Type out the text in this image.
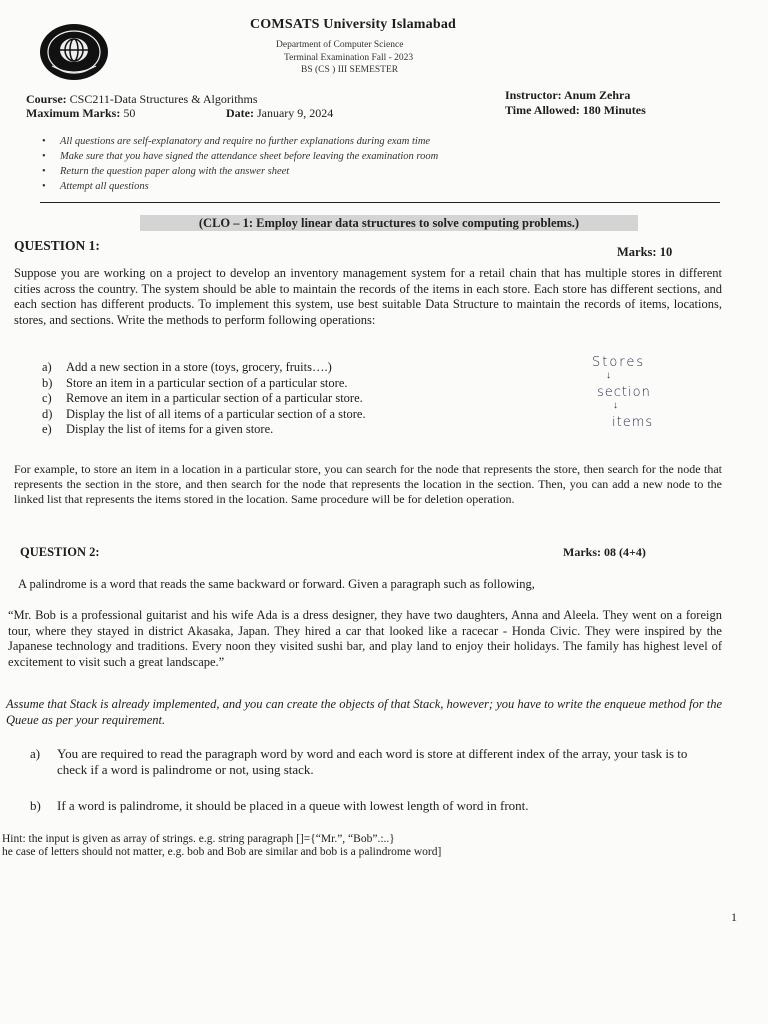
COMSATS University Islamabad
Department of Computer Science
Terminal Examination Fall - 2023
BS (CS ) III SEMESTER
Course: CSC211-Data Structures & Algorithms
Maximum Marks: 50	Date: January 9, 2024
Instructor: Anum Zehra
Time Allowed: 180 Minutes
• All questions are self-explanatory and require no further explanations during exam time
• Make sure that you have signed the attendance sheet before leaving the examination room
• Return the question paper along with the answer sheet
• Attempt all questions
(CLO – 1: Employ linear data structures to solve computing problems.)
QUESTION 1:	Marks: 10

Suppose you are working on a project to develop an inventory management system for a retail chain that has multiple stores in different cities across the country. The system should be able to maintain the records of the items in each store. Each store has different sections, and each section has different products. To implement this system, use best suitable Data Structure to maintain the records of items, locations, stores, and sections. Write the methods to perform following operations:

a)	Add a new section in a store (toys, grocery, fruits….)
b)	Store an item in a particular section of a particular store.
c)	Remove an item in a particular section of a particular store.
d)	Display the list of all items of a particular section of a store.
e)	Display the list of items for a given store.
Stores
↓
section
↓
items

For example, to store an item in a location in a particular store, you can search for the node that represents the store, then search for the node that represents the section in the store, and then search for the node that represents the location in the section. Then, you can add a new node to the linked list that represents the items stored in the location. Same procedure will be for deletion operation.

QUESTION 2:	Marks: 08 (4+4)

A palindrome is a word that reads the same backward or forward. Given a paragraph such as following,

“Mr. Bob is a professional guitarist and his wife Ada is a dress designer, they have two daughters, Anna and Aleela. They went on a foreign tour, where they stayed in district Akasaka, Japan. They hired a car that looked like a racecar - Honda Civic. They were inspired by the Japanese technology and traditions. Every noon they visited sushi bar, and play land to enjoy their holidays. The family has highest level of excitement to visit such a great landscape.”

Assume that Stack is already implemented, and you can create the objects of that Stack, however; you have to write the enqueue method for the Queue as per your requirement.

a)	You are required to read the paragraph word by word and each word is store at different index of the array, your task is to check if a word is palindrome or not, using stack.
b)	If a word is palindrome, it should be placed in a queue with lowest length of word in front.
Hint: the input is given as array of strings. e.g. string paragraph []={“Mr.”, “Bob”.:..}
he case of letters should not matter, e.g. bob and Bob are similar and bob is a palindrome word]
1
